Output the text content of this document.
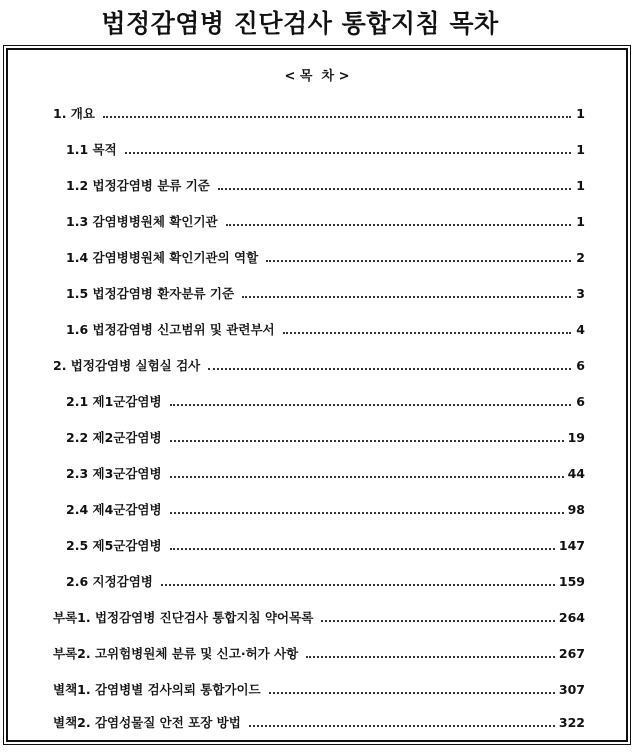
법정감염병 진단검사 통합지침 목차
< 목  차 >
1. 개요	1
1.1 목적	1
1.2 법정감염병 분류 기준	1
1.3 감염병병원체 확인기관	1
1.4 감염병병원체 확인기관의 역할	2
1.5 법정감염병 환자분류 기준	3
1.6 법정감염병 신고범위 및 관련부서	4
2. 법정감염병 실험실 검사	6
2.1 제1군감염병	6
2.2 제2군감염병	19
2.3 제3군감염병	44
2.4 제4군감염병	98
2.5 제5군감염병	147
2.6 지정감염병	159
부록1. 법정감염병 진단검사 통합지침 약어목록	264
부록2. 고위험병원체 분류 및 신고·허가 사항	267
별책1. 감염병별 검사의뢰 통합가이드	307
별책2. 감염성물질 안전 포장 방법	322
